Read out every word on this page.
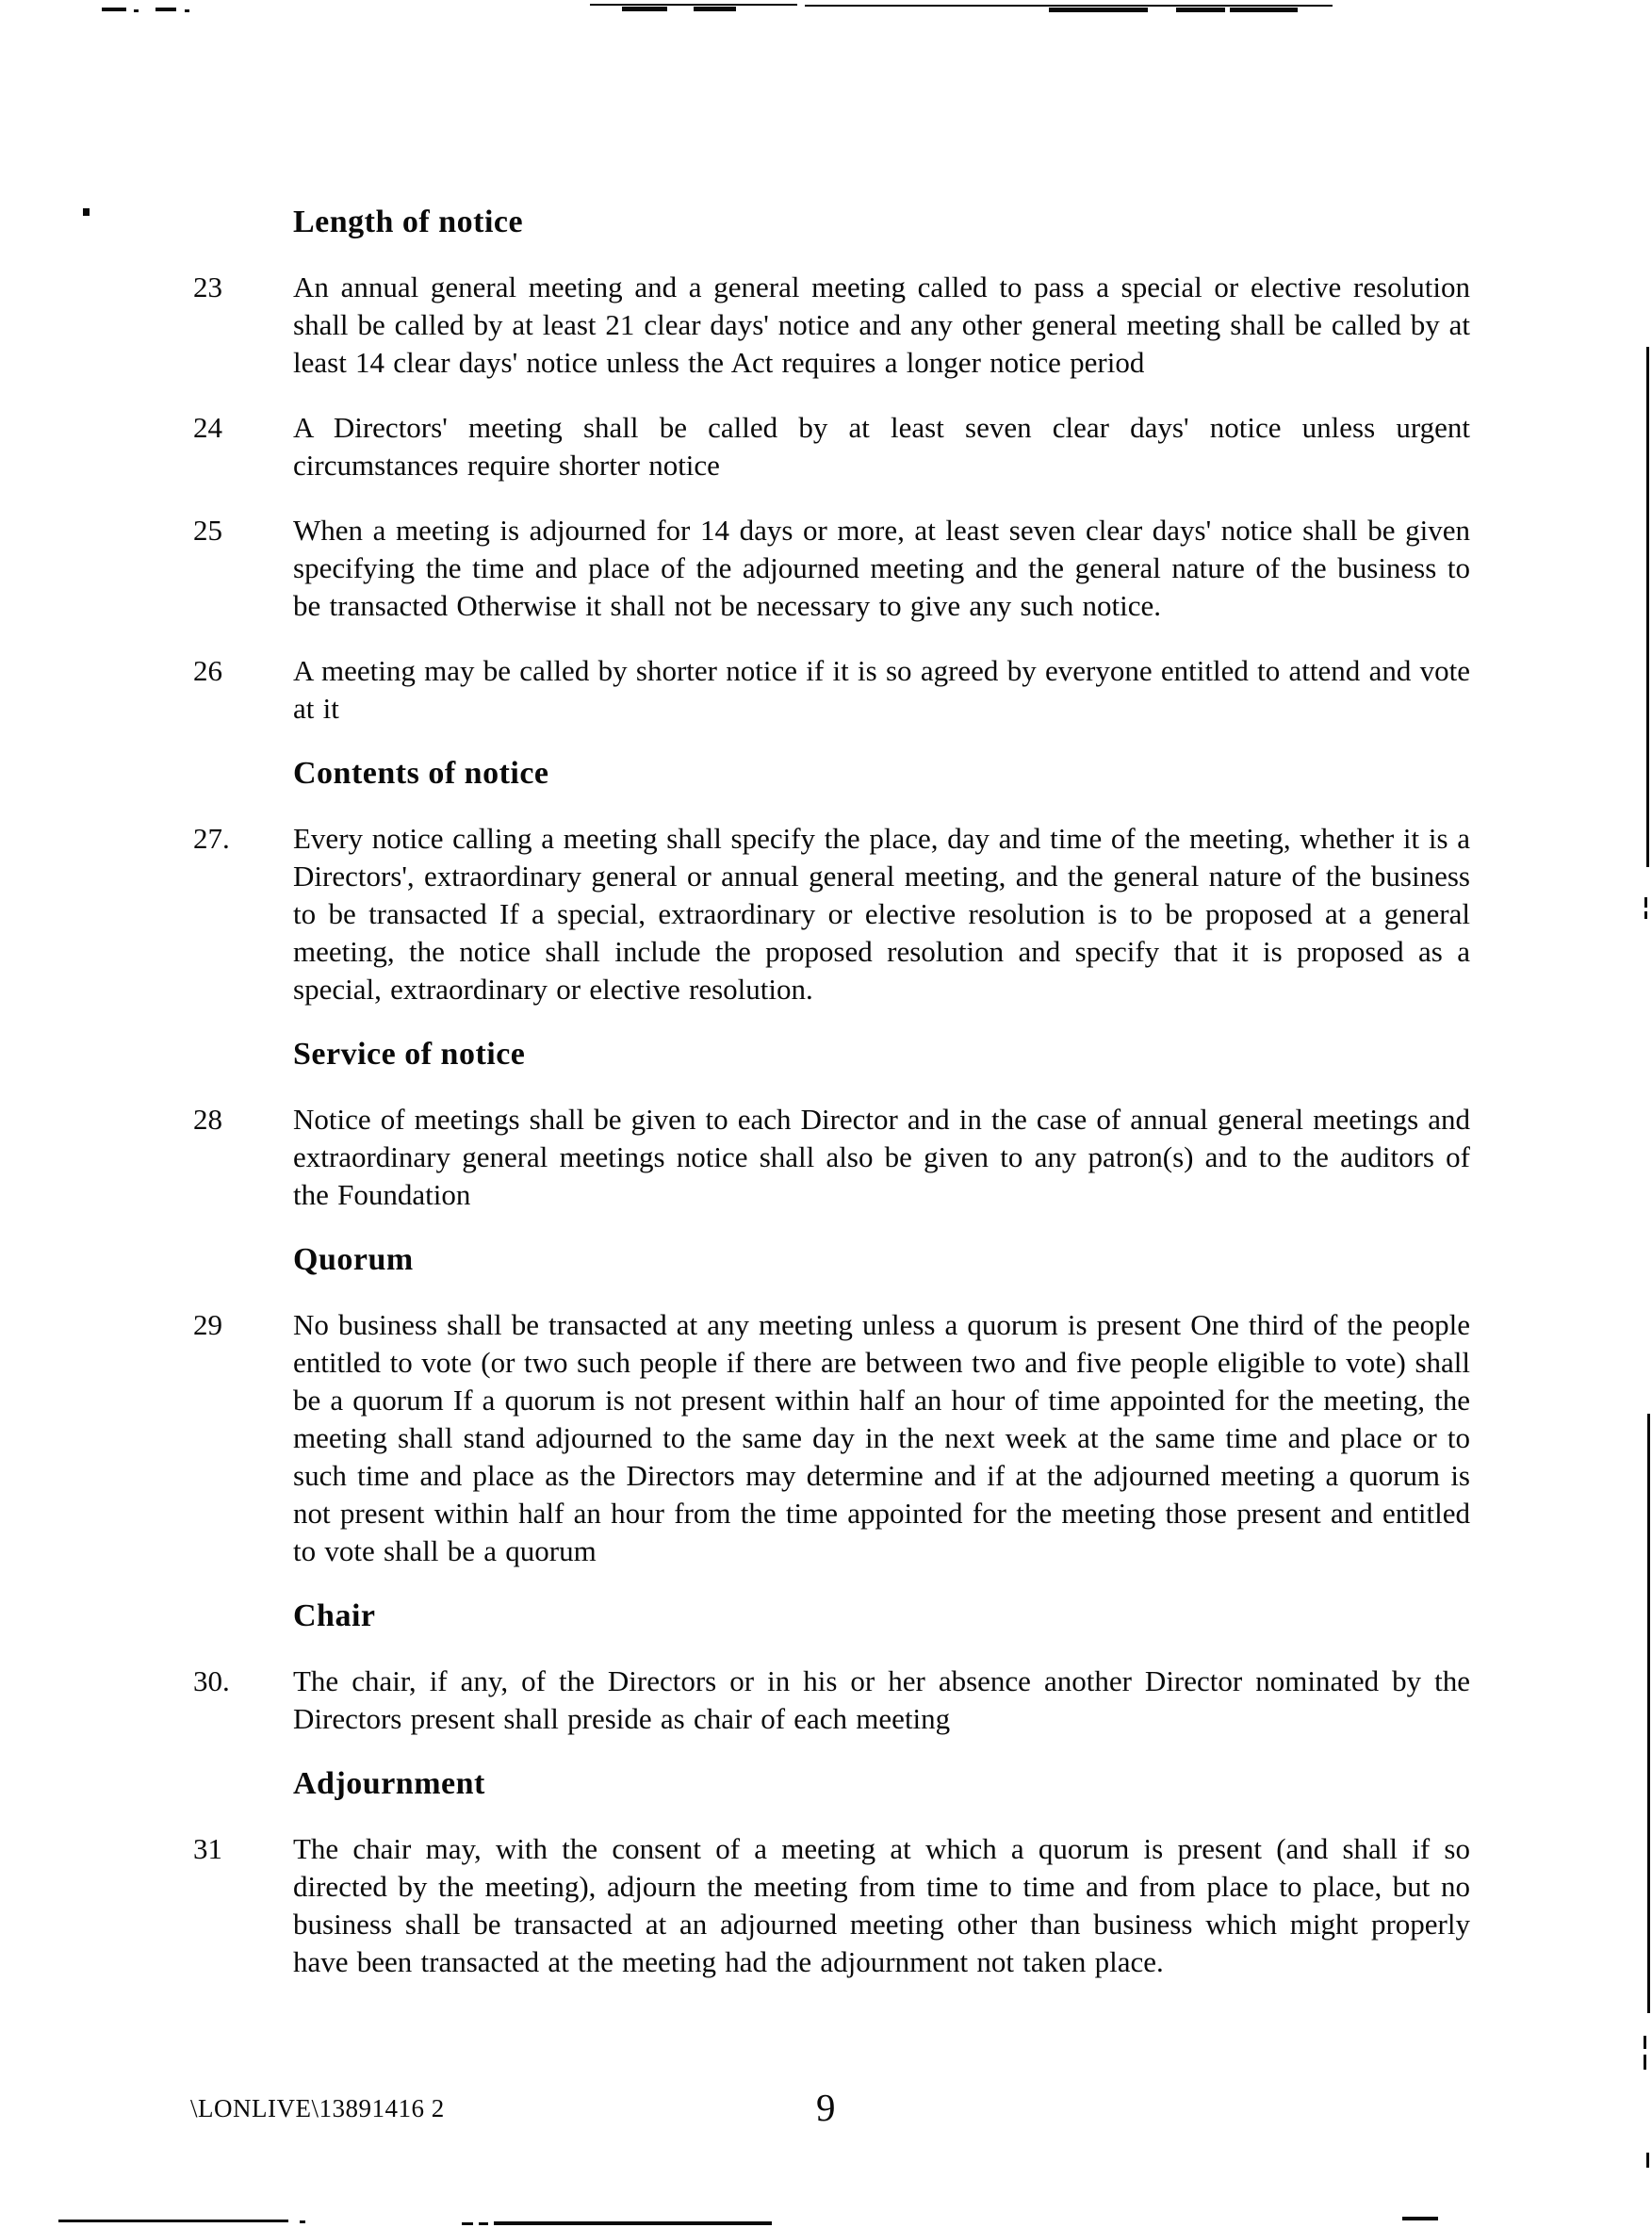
Length of notice
23	An annual general meeting and a general meeting called to pass a special or elective resolution shall be called by at least 21 clear days' notice and any other general meeting shall be called by at least 14 clear days' notice unless the Act requires a longer notice period
24	A Directors' meeting shall be called by at least seven clear days' notice unless urgent circumstances require shorter notice
25	When a meeting is adjourned for 14 days or more, at least seven clear days' notice shall be given specifying the time and place of the adjourned meeting and the general nature of the business to be transacted Otherwise it shall not be necessary to give any such notice.
26	A meeting may be called by shorter notice if it is so agreed by everyone entitled to attend and vote at it
Contents of notice
27.	Every notice calling a meeting shall specify the place, day and time of the meeting, whether it is a Directors', extraordinary general or annual general meeting, and the general nature of the business to be transacted If a special, extraordinary or elective resolution is to be proposed at a general meeting, the notice shall include the proposed resolution and specify that it is proposed as a special, extraordinary or elective resolution.
Service of notice
28	Notice of meetings shall be given to each Director and in the case of annual general meetings and extraordinary general meetings notice shall also be given to any patron(s) and to the auditors of the Foundation
Quorum
29	No business shall be transacted at any meeting unless a quorum is present One third of the people entitled to vote (or two such people if there are between two and five people eligible to vote) shall be a quorum If a quorum is not present within half an hour of time appointed for the meeting, the meeting shall stand adjourned to the same day in the next week at the same time and place or to such time and place as the Directors may determine and if at the adjourned meeting a quorum is not present within half an hour from the time appointed for the meeting those present and entitled to vote shall be a quorum
Chair
30.	The chair, if any, of the Directors or in his or her absence another Director nominated by the Directors present shall preside as chair of each meeting
Adjournment
31	The chair may, with the consent of a meeting at which a quorum is present (and shall if so directed by the meeting), adjourn the meeting from time to time and from place to place, but no business shall be transacted at an adjourned meeting other than business which might properly have been transacted at the meeting had the adjournment not taken place.
\LONLIVE\13891416 2	9
